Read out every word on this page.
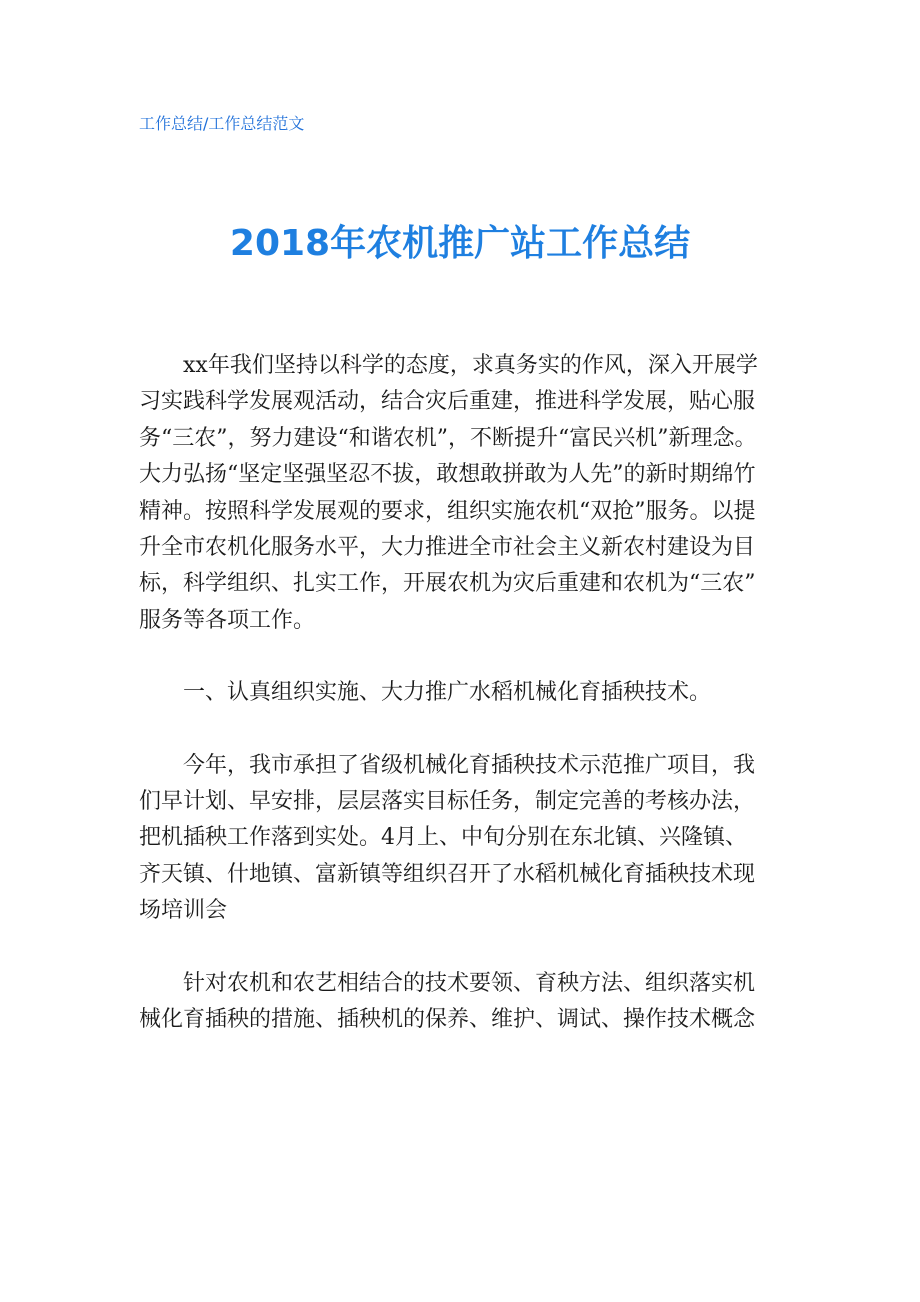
工作总结/工作总结范文
2018年农机推广站工作总结

xx年我们坚持以科学的态度，求真务实的作风，深入开展学
习实践科学发展观活动，结合灾后重建，推进科学发展，贴心服
务“三农”，努力建设“和谐农机”，不断提升“富民兴机”新理念。
大力弘扬“坚定坚强坚忍不拔，敢想敢拼敢为人先”的新时期绵竹
精神。按照科学发展观的要求，组织实施农机“双抢”服务。以提
升全市农机化服务水平，大力推进全市社会主义新农村建设为目
标，科学组织、扎实工作，开展农机为灾后重建和农机为“三农”
服务等各项工作。

一、认真组织实施、大力推广水稻机械化育插秧技术。

今年，我市承担了省级机械化育插秧技术示范推广项目，我
们早计划、早安排，层层落实目标任务，制定完善的考核办法，
把机插秧工作落到实处。4月上、中旬分别在东北镇、兴隆镇、
齐天镇、什地镇、富新镇等组织召开了水稻机械化育插秧技术现
场培训会

针对农机和农艺相结合的技术要领、育秧方法、组织落实机
械化育插秧的措施、插秧机的保养、维护、调试、操作技术概念
